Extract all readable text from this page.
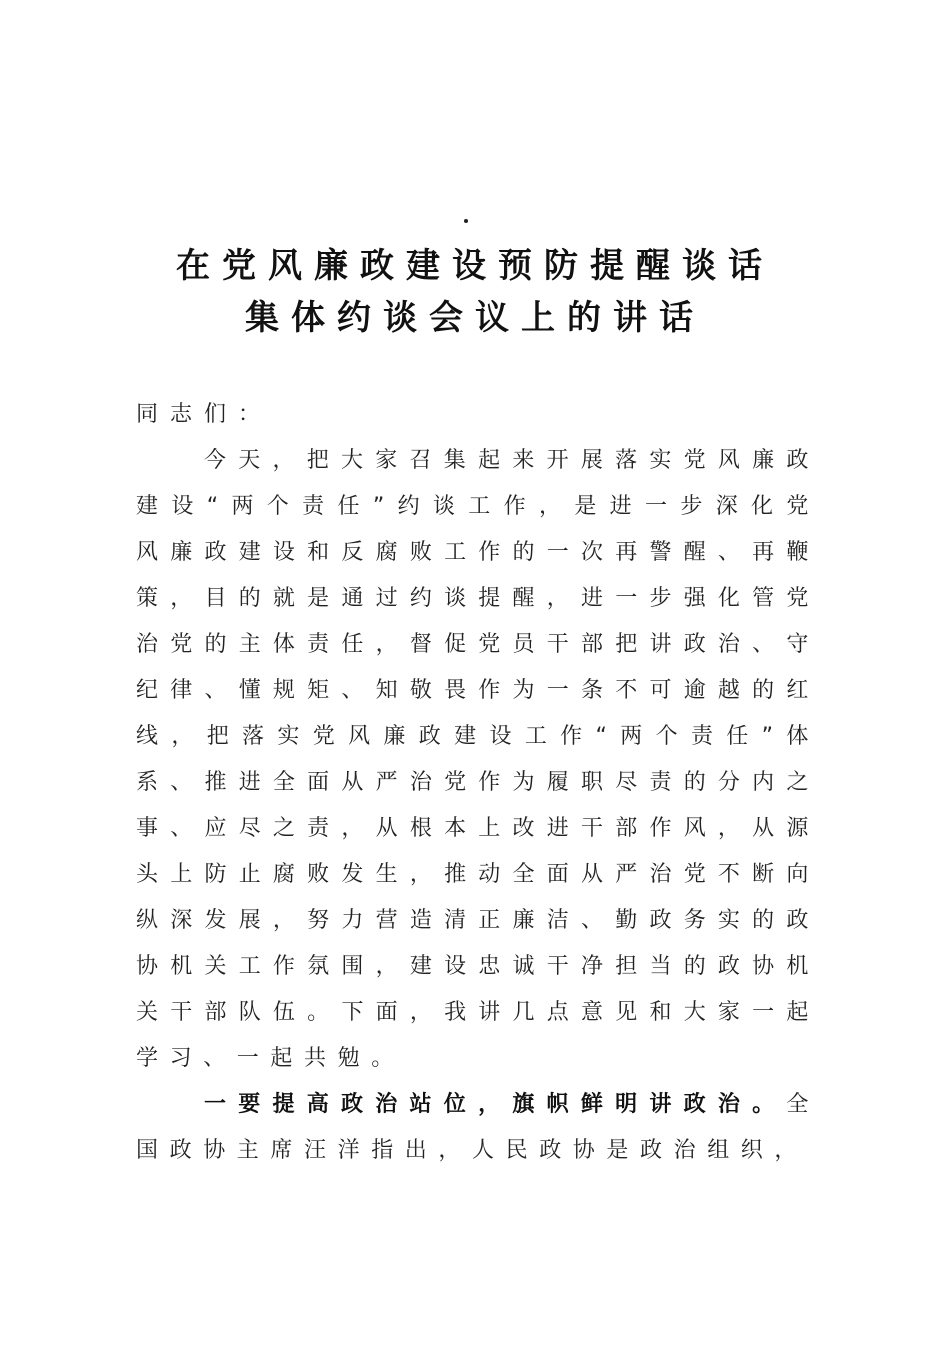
在党风廉政建设预防提醒谈话
集体约谈会议上的讲话
同志们：
今天，把大家召集起来开展落实党风廉政建设“两个责任”约谈工作，是进一步深化党风廉政建设和反腐败工作的一次再警醒、再鞭策，目的就是通过约谈提醒，进一步强化管党治党的主体责任，督促党员干部把讲政治、守纪律、懂规矩、知敬畏作为一条不可逾越的红线，把落实党风廉政建设工作“两个责任”体系、推进全面从严治党作为履职尽责的分内之事、应尽之责，从根本上改进干部作风，从源头上防止腐败发生，推动全面从严治党不断向纵深发展，努力营造清正廉洁、勤政务实的政协机关工作氛围，建设忠诚干净担当的政协机关干部队伍。下面，我讲几点意见和大家一起学习、一起共勉。
一要提高政治站位，旗帜鲜明讲政治。全国政协主席汪洋指出，人民政协是政治组织，
